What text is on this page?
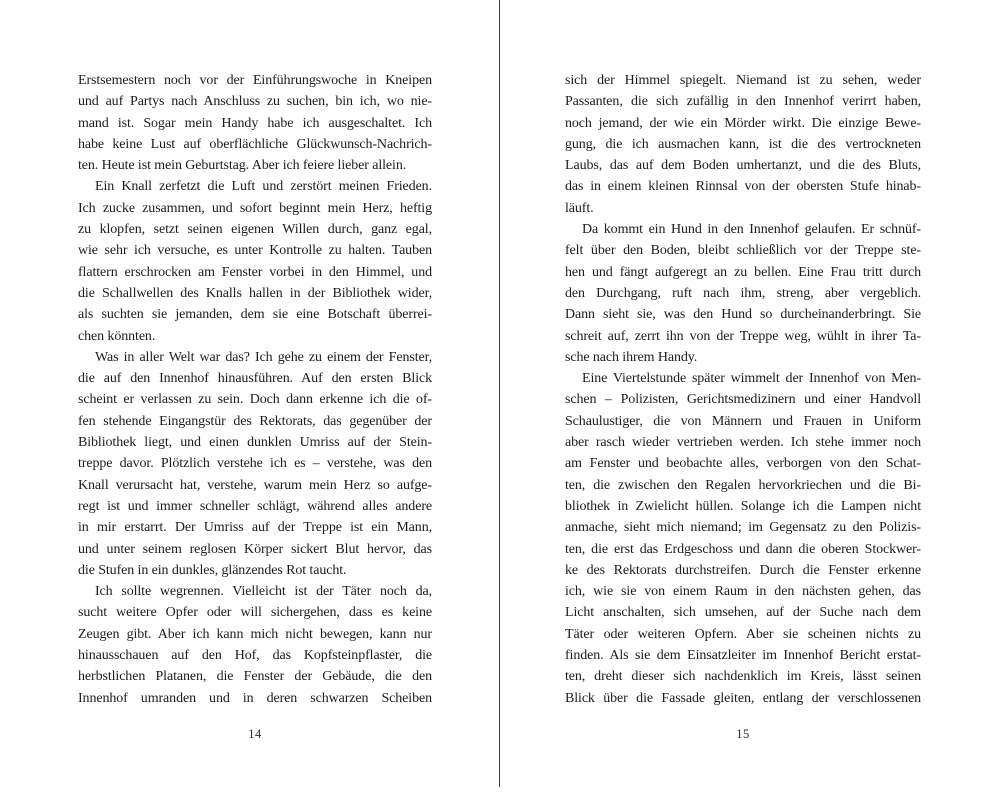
Erstsemestern noch vor der Einführungswoche in Kneipen
und auf Partys nach Anschluss zu suchen, bin ich, wo nie-
mand ist. Sogar mein Handy habe ich ausgeschaltet. Ich
habe keine Lust auf oberflächliche Glückwunsch-Nachrich-
ten. Heute ist mein Geburtstag. Aber ich feiere lieber allein.
Ein Knall zerfetzt die Luft und zerstört meinen Frieden.
Ich zucke zusammen, und sofort beginnt mein Herz, heftig
zu klopfen, setzt seinen eigenen Willen durch, ganz egal,
wie sehr ich versuche, es unter Kontrolle zu halten. Tauben
flattern erschrocken am Fenster vorbei in den Himmel, und
die Schallwellen des Knalls hallen in der Bibliothek wider,
als suchten sie jemanden, dem sie eine Botschaft überrei-
chen könnten.
Was in aller Welt war das? Ich gehe zu einem der Fenster,
die auf den Innenhof hinausführen. Auf den ersten Blick
scheint er verlassen zu sein. Doch dann erkenne ich die of-
fen stehende Eingangstür des Rektorats, das gegenüber der
Bibliothek liegt, und einen dunklen Umriss auf der Stein-
treppe davor. Plötzlich verstehe ich es – verstehe, was den
Knall verursacht hat, verstehe, warum mein Herz so aufge-
regt ist und immer schneller schlägt, während alles andere
in mir erstarrt. Der Umriss auf der Treppe ist ein Mann,
und unter seinem reglosen Körper sickert Blut hervor, das
die Stufen in ein dunkles, glänzendes Rot taucht.
Ich sollte wegrennen. Vielleicht ist der Täter noch da,
sucht weitere Opfer oder will sichergehen, dass es keine
Zeugen gibt. Aber ich kann mich nicht bewegen, kann nur
hinausschauen auf den Hof, das Kopfsteinpflaster, die
herbstlichen Platanen, die Fenster der Gebäude, die den
Innenhof umranden und in deren schwarzen Scheiben
14
sich der Himmel spiegelt. Niemand ist zu sehen, weder
Passanten, die sich zufällig in den Innenhof verirrt haben,
noch jemand, der wie ein Mörder wirkt. Die einzige Bewe-
gung, die ich ausmachen kann, ist die des vertrockneten
Laubs, das auf dem Boden umhertanzt, und die des Bluts,
das in einem kleinen Rinnsal von der obersten Stufe hinab-
läuft.
Da kommt ein Hund in den Innenhof gelaufen. Er schnüf-
felt über den Boden, bleibt schließlich vor der Treppe ste-
hen und fängt aufgeregt an zu bellen. Eine Frau tritt durch
den Durchgang, ruft nach ihm, streng, aber vergeblich.
Dann sieht sie, was den Hund so durcheinanderbringt. Sie
schreit auf, zerrt ihn von der Treppe weg, wühlt in ihrer Ta-
sche nach ihrem Handy.
Eine Viertelstunde später wimmelt der Innenhof von Men-
schen – Polizisten, Gerichtsmedizinern und einer Handvoll
Schaulustiger, die von Männern und Frauen in Uniform
aber rasch wieder vertrieben werden. Ich stehe immer noch
am Fenster und beobachte alles, verborgen von den Schat-
ten, die zwischen den Regalen hervorkriechen und die Bi-
bliothek in Zwielicht hüllen. Solange ich die Lampen nicht
anmache, sieht mich niemand; im Gegensatz zu den Polizis-
ten, die erst das Erdgeschoss und dann die oberen Stockwer-
ke des Rektorats durchstreifen. Durch die Fenster erkenne
ich, wie sie von einem Raum in den nächsten gehen, das
Licht anschalten, sich umsehen, auf der Suche nach dem
Täter oder weiteren Opfern. Aber sie scheinen nichts zu
finden. Als sie dem Einsatzleiter im Innenhof Bericht erstat-
ten, dreht dieser sich nachdenklich im Kreis, lässt seinen
Blick über die Fassade gleiten, entlang der verschlossenen
15
